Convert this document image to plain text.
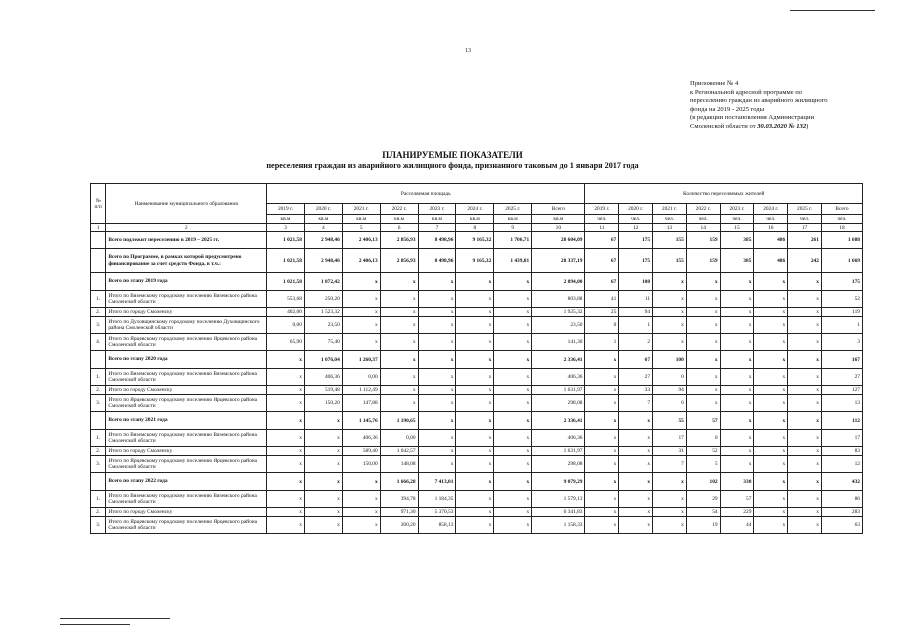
13
Приложение № 4
к Региональной адресной программе по
переселению граждан из аварийного жилищного
фонда на 2019 - 2025 годы
(в редакции постановления Администрации
Смоленской области от 30.03.2020 № 132)
ПЛАНИРУЕМЫЕ ПОКАЗАТЕЛИ
переселения граждан из аварийного жилищного фонда, признанного таковым до 1 января 2017 года
№ п/п	Наименование муниципального образования	Расселяемая площадь								Количество переселяемых жителей							
		2019 г.	2020 г.	2021 г.	2022 г.	2023 г.	2024 г.	2025 г.	Всего	2019 г.	2020 г.	2021 г.	2022 г.	2023 г.	2024 г.	2025 г.	Всего
		кв.м	кв.м	кв.м	кв.м	кв.м	кв.м	кв.м	кв.м	чел.	чел.	чел.	чел.	чел.	чел.	чел.	чел.
1	2	3	4	5	6	7	8	9	10	11	12	13	14	15	16	17	18
	Всего подлежит переселению в 2019 – 2025 гг.	1 021,58	2 948,46	2 406,13	2 856,93	8 498,96	9 165,32	1 706,71	28 604,09	67	175	155	159	385	486	261	1 688
	Всего по Программе, в рамках которой предусмотрено финансирование за счет средств Фонда, в т.ч.:	1 021,58	2 948,46	2 406,13	2 856,93	8 498,96	9 165,32	1 439,81	28 337,19	67	175	155	159	385	486	242	1 669
	Всего по этапу 2019 года	1 021,58	1 872,42	x	x	x	x	x	2 894,00	67	108	x	x	x	x	x	175
1.	Итого по Вяземскому городскому поселению Вяземского района Смоленской области	553,68	250,20	x	x	x	x	x	803,88	41	11	x	x	x	x	x	52
2.	Итого по городу Смоленску	402,00	1 523,32	x	x	x	x	x	1 925,32	25	94	x	x	x	x	x	119
3.	Итого по Духовщинскому городскому поселению Духовщинского района Смоленской области	0,00	23,50	x	x	x	x	x	23,50	0	1	x	x	x	x	x	1
4.	Итого по Ярцевскому городскому поселению Ярцевского района Смоленской области	65,90	75,40	x	x	x	x	x	141,30	1	2	x	x	x	x	x	3
	Всего по этапу 2020 года	x	1 076,04	1 260,37	x	x	x	x	2 336,41	x	67	100	x	x	x	x	167
1.	Итого по Вяземскому городскому поселению Вяземского района Смоленской области	x	406,36	0,00	x	x	x	x	406,36	x	27	0	x	x	x	x	27
2.	Итого по городу Смоленску	x	519,48	1 112,49	x	x	x	x	1 631,97	x	33	94	x	x	x	x	127
3.	Итого по Ярцевскому городскому поселению Ярцевского района Смоленской области	x	150,20	147,88	x	x	x	x	298,08	x	7	6	x	x	x	x	13
	Всего по этапу 2021 года	x	x	1 145,76	1 190,65	x	x	x	2 336,41	x	x	55	57	x	x	x	112
1.	Итого по Вяземскому городскому поселению Вяземского района Смоленской области	x	x	406,36	0,00	x	x	x	406,36	x	x	17	0	x	x	x	17
2.	Итого по городу Смоленску	x	x	589,40	1 042,57	x	x	x	1 631,97	x	x	31	52	x	x	x	83
3.	Итого по Ярцевскому городскому поселению Ярцевского района Смоленской области	x	x	150,00	148,08	x	x	x	298,08	x	x	7	5	x	x	x	12
	Всего по этапу 2022 года	x	x	x	1 666,28	7 413,01	x	x	9 079,29	x	x	x	102	330	x	x	432
1.	Итого по Вяземскому городскому поселению Вяземского района Смоленской области	x	x	x	394,78	1 184,35	x	x	1 579,13	x	x	x	29	57	x	x	86
2.	Итого по городу Смоленску	x	x	x	971,30	5 370,53	x	x	6 341,83	x	x	x	54	229	x	x	283
3.	Итого по Ярцевскому городскому поселению Ярцевского района Смоленской области	x	x	x	300,20	858,13	x	x	1 158,33	x	x	x	19	44	x	x	63
